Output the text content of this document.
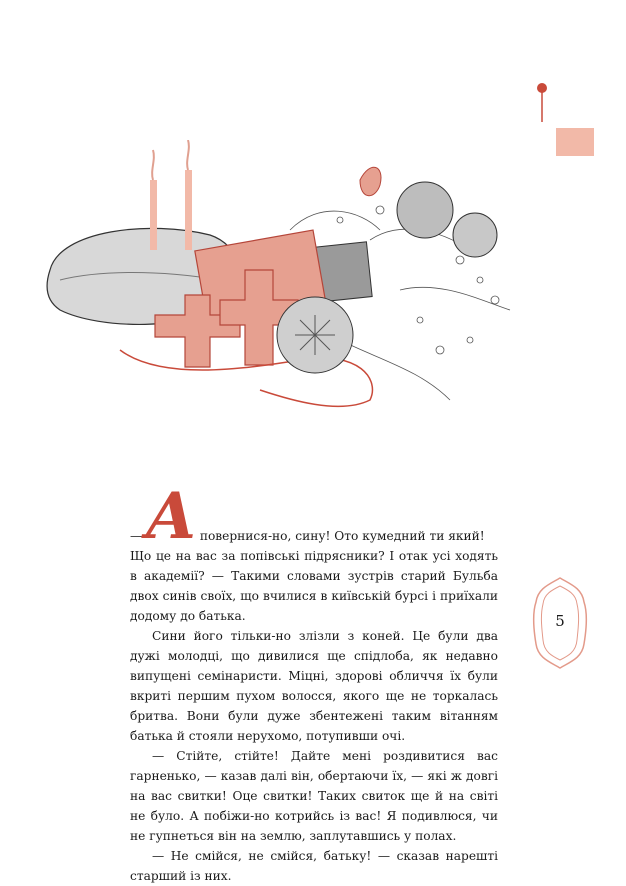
5
— A повернися-но, сину! Ото кумедний ти який!

Що це на вас за попівські підрясники? І отак усі ходять в академії? — Такими словами зустрів старий Бульба двох синів своїх, що вчилися в київській бурсі і приїхали додому до батька.

Сини його тільки-но злізли з коней. Це були два дужі молодці, що дивилися ще спідлоба, як недавно випущені семінаристи. Міцні, здорові обличчя їх були вкриті першим пухом волосся, якого ще не торкалась бритва. Вони були дуже збентежені таким вітанням батька й стояли нерухомо, потупивши очі.

— Стійте, стійте! Дайте мені роздивитися вас гарненько, — казав далі він, обертаючи їх, — які ж довгі на вас свитки! Оце свитки! Таких свиток ще й на світі не було. А побіжи-но котрийсь із вас! Я подивлюся, чи не гупнеться він на землю, заплутавшись у полах.

— Не смійся, не смійся, батьку! — сказав нарешті старший із них.
